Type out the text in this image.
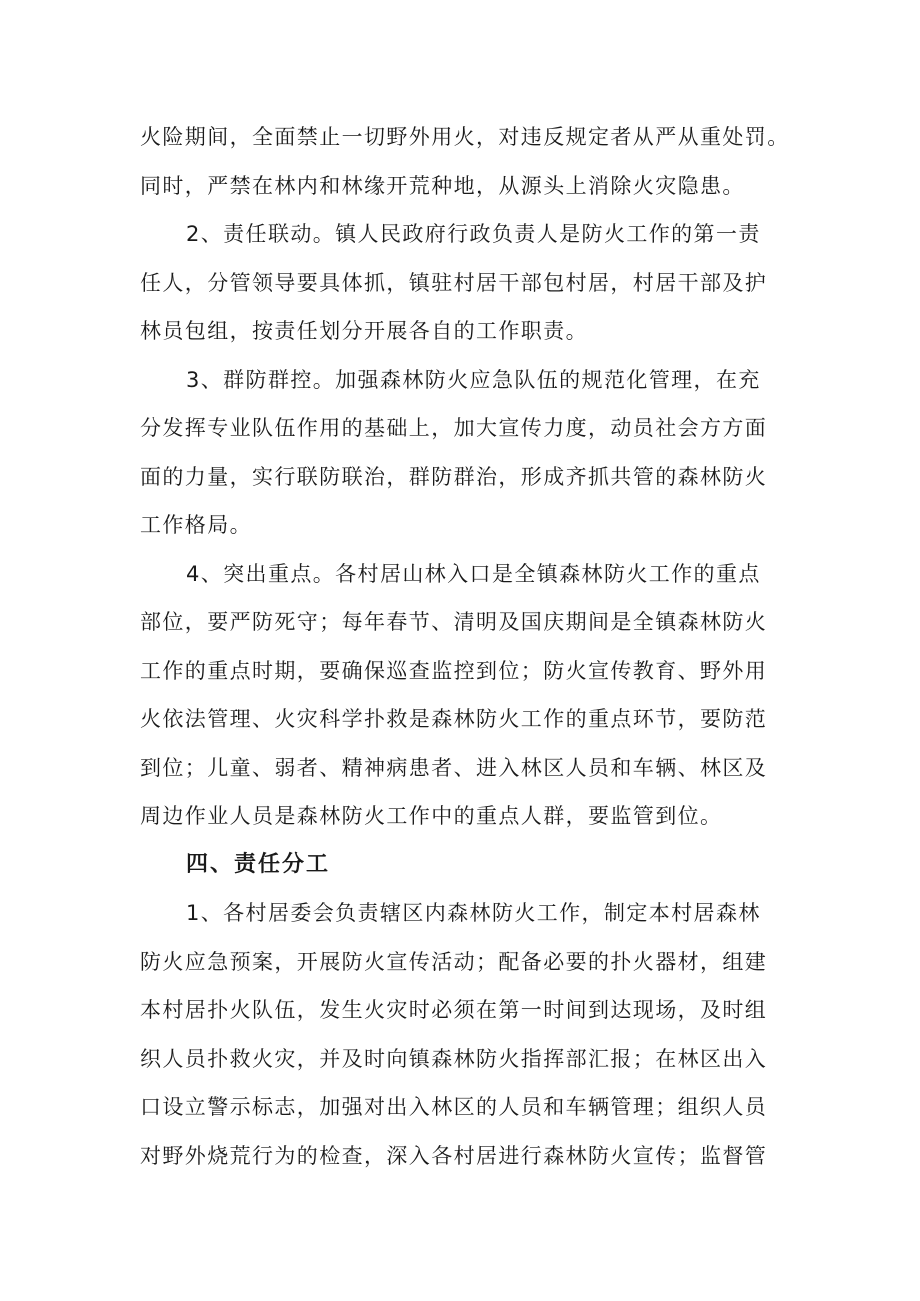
火险期间，全面禁止一切野外用火，对违反规定者从严从重处罚。
同时，严禁在林内和林缘开荒种地，从源头上消除火灾隐患。
2、责任联动。镇人民政府行政负责人是防火工作的第一责
任人，分管领导要具体抓，镇驻村居干部包村居，村居干部及护
林员包组，按责任划分开展各自的工作职责。
3、群防群控。加强森林防火应急队伍的规范化管理，在充
分发挥专业队伍作用的基础上，加大宣传力度，动员社会方方面
面的力量，实行联防联治，群防群治，形成齐抓共管的森林防火
工作格局。
4、突出重点。各村居山林入口是全镇森林防火工作的重点
部位，要严防死守；每年春节、清明及国庆期间是全镇森林防火
工作的重点时期，要确保巡查监控到位；防火宣传教育、野外用
火依法管理、火灾科学扑救是森林防火工作的重点环节，要防范
到位；儿童、弱者、精神病患者、进入林区人员和车辆、林区及
周边作业人员是森林防火工作中的重点人群，要监管到位。
四、责任分工
1、各村居委会负责辖区内森林防火工作，制定本村居森林
防火应急预案，开展防火宣传活动；配备必要的扑火器材，组建
本村居扑火队伍，发生火灾时必须在第一时间到达现场，及时组
织人员扑救火灾，并及时向镇森林防火指挥部汇报；在林区出入
口设立警示标志，加强对出入林区的人员和车辆管理；组织人员
对野外烧荒行为的检查，深入各村居进行森林防火宣传；监督管
